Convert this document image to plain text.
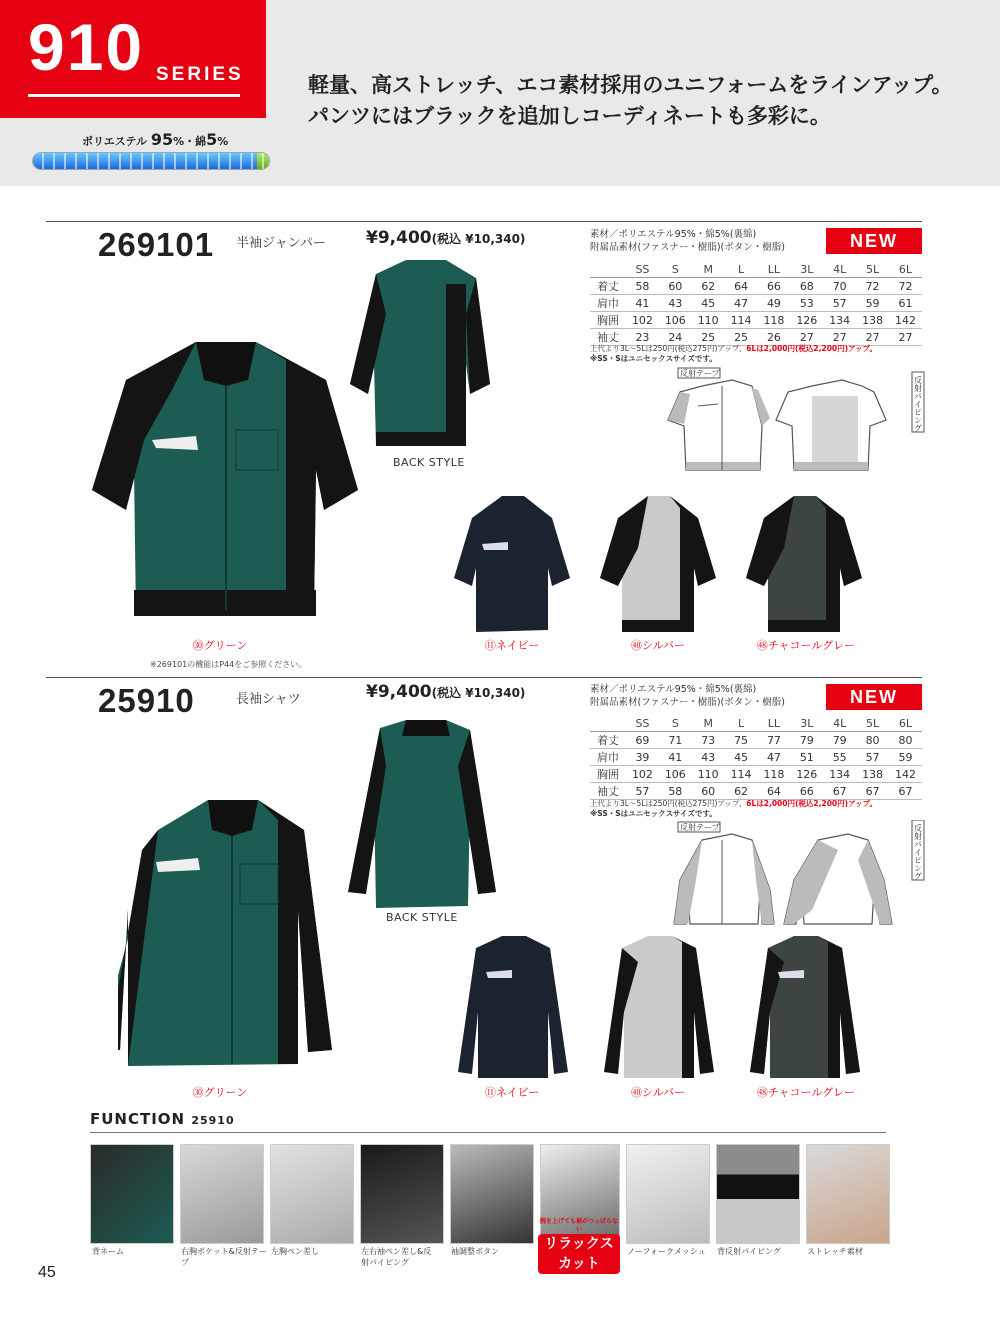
910 SERIES	軽量、高ストレッチ、エコ素材採用のユニフォームをラインアップ。
パンツにはブラックを追加しコーディネートも多彩に。
ポリエステル 95%・綿5%
269101 半袖ジャンパー ¥9,400(税込 ¥10,340)	素材／ポリエステル95%・綿5%(裏綿)
附属品素材(ファスナー・樹脂)(ボタン・樹脂)	NEW
	SS	S	M	L	LL	3L	4L	5L	6L
着丈	58	60	62	64	66	68	70	72	72
肩巾	41	43	45	47	49	53	57	59	61
胸囲	102	106	110	114	118	126	134	138	142
袖丈	23	24	25	25	26	27	27	27	27
上代より3L〜5Lは250円(税込275円)アップ、6Lは2,000円(税込2,200円)アップ。
※SS・Sはユニセックスサイズです。
反射パイピング
反射テープ
BACK STYLE
㉚グリーン	⑪ネイビー	㊵シルバー	㊽チャコールグレー
※269101の機能はP44をご参照ください。
25910	長袖シャツ	¥9,400(税込 ¥10,340)	素材／ポリエステル95%・綿5%(裏綿)
附属品素材(ファスナー・樹脂)(ボタン・樹脂)	NEW
	SS	S	M	L	LL	3L	4L	5L	6L
着丈	69	71	73	75	77	79	79	80	80
肩巾	39	41	43	45	47	51	55	57	59
胸囲	102	106	110	114	118	126	134	138	142
袖丈	57	58	60	62	64	66	67	67	67
上代より3L〜5Lは250円(税込275円)アップ、6Lは2,000円(税込2,200円)アップ。
※SS・Sはユニセックスサイズです。
反射パイピング
反射テープ
BACK STYLE
㉚グリーン	⑪ネイビー	㊵シルバー	㊽チャコールグレー
FUNCTION 25910
腕を上げても裾がつっぱらない
リラックスカット
背ネーム	右胸ポケット&反射テープ
左胸ペン差し	左右袖ペン差し&反射パイピング
袖調整ボタン	ノーフォークメッシュ	背反射パイピング	ストレッチ素材
45
